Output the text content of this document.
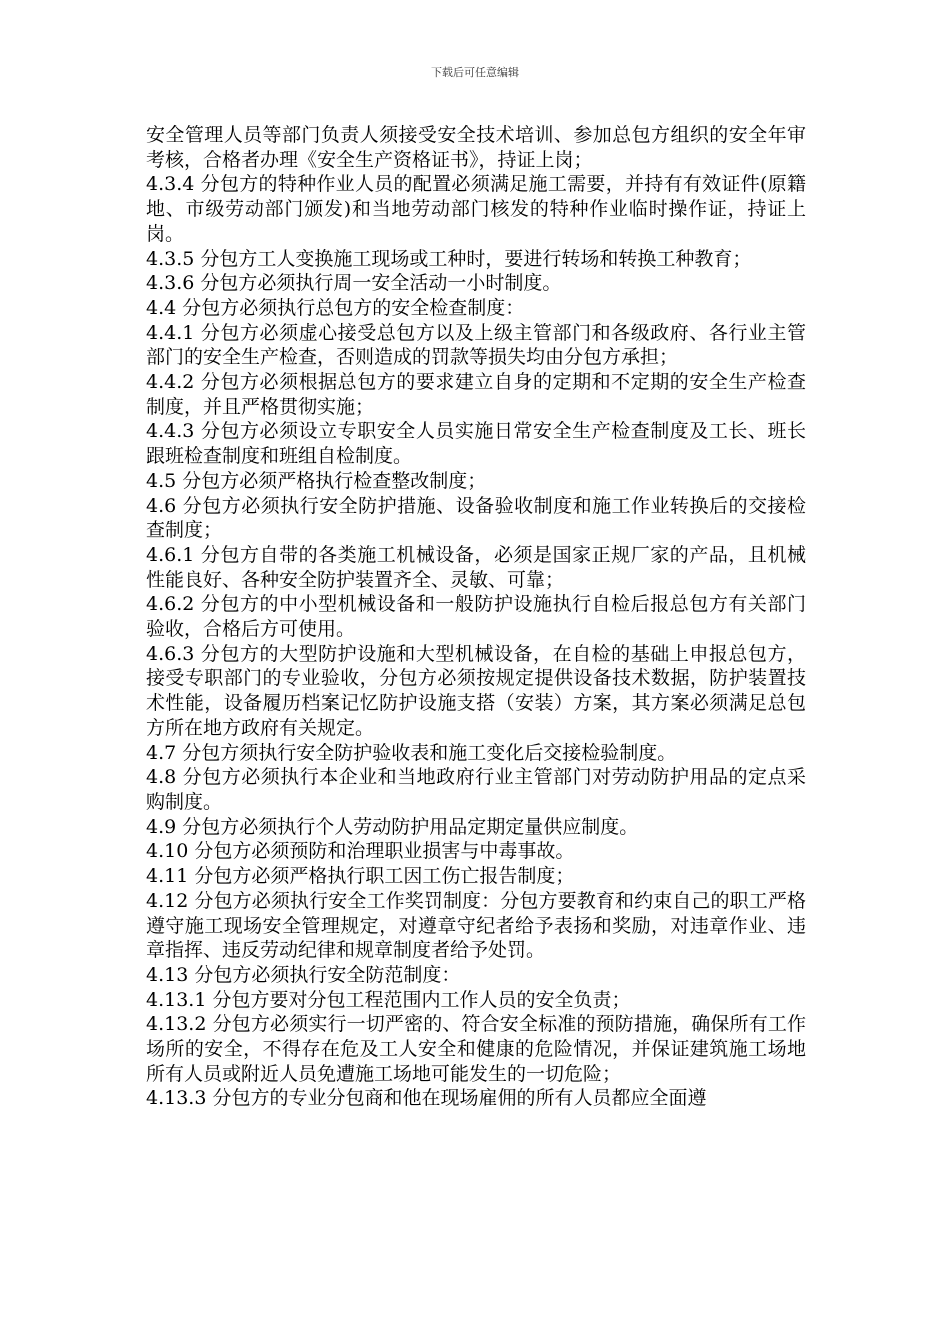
下载后可任意编辑

安全管理人员等部门负责人须接受安全技术培训、参加总包方组织的安全年审考核，合格者办理《安全生产资格证书》，持证上岗；

4.3.4 分包方的特种作业人员的配置必须满足施工需要，并持有有效证件(原籍地、市级劳动部门颁发)和当地劳动部门核发的特种作业临时操作证，持证上岗。

4.3.5 分包方工人变换施工现场或工种时，要进行转场和转换工种教育；

4.3.6 分包方必须执行周一安全活动一小时制度。

4.4 分包方必须执行总包方的安全检查制度：

4.4.1 分包方必须虚心接受总包方以及上级主管部门和各级政府、各行业主管部门的安全生产检查，否则造成的罚款等损失均由分包方承担；

4.4.2 分包方必须根据总包方的要求建立自身的定期和不定期的安全生产检查制度，并且严格贯彻实施；

4.4.3 分包方必须设立专职安全人员实施日常安全生产检查制度及工长、班长跟班检查制度和班组自检制度。

4.5 分包方必须严格执行检查整改制度；

4.6 分包方必须执行安全防护措施、设备验收制度和施工作业转换后的交接检查制度；

4.6.1 分包方自带的各类施工机械设备，必须是国家正规厂家的产品，且机械性能良好、各种安全防护装置齐全、灵敏、可靠；

4.6.2 分包方的中小型机械设备和一般防护设施执行自检后报总包方有关部门验收，合格后方可使用。

4.6.3 分包方的大型防护设施和大型机械设备，在自检的基础上申报总包方，接受专职部门的专业验收，分包方必须按规定提供设备技术数据，防护装置技术性能，设备履历档案记忆防护设施支搭（安装）方案，其方案必须满足总包方所在地方政府有关规定。

4.7 分包方须执行安全防护验收表和施工变化后交接检验制度。

4.8 分包方必须执行本企业和当地政府行业主管部门对劳动防护用品的定点采购制度。

4.9 分包方必须执行个人劳动防护用品定期定量供应制度。

4.10 分包方必须预防和治理职业损害与中毒事故。

4.11 分包方必须严格执行职工因工伤亡报告制度；

4.12 分包方必须执行安全工作奖罚制度：分包方要教育和约束自己的职工严格遵守施工现场安全管理规定，对遵章守纪者给予表扬和奖励，对违章作业、违章指挥、违反劳动纪律和规章制度者给予处罚。

4.13 分包方必须执行安全防范制度：

4.13.1 分包方要对分包工程范围内工作人员的安全负责；

4.13.2 分包方必须实行一切严密的、符合安全标准的预防措施，确保所有工作场所的安全，不得存在危及工人安全和健康的危险情况，并保证建筑施工场地所有人员或附近人员免遭施工场地可能发生的一切危险；

4.13.3 分包方的专业分包商和他在现场雇佣的所有人员都应全面遵
